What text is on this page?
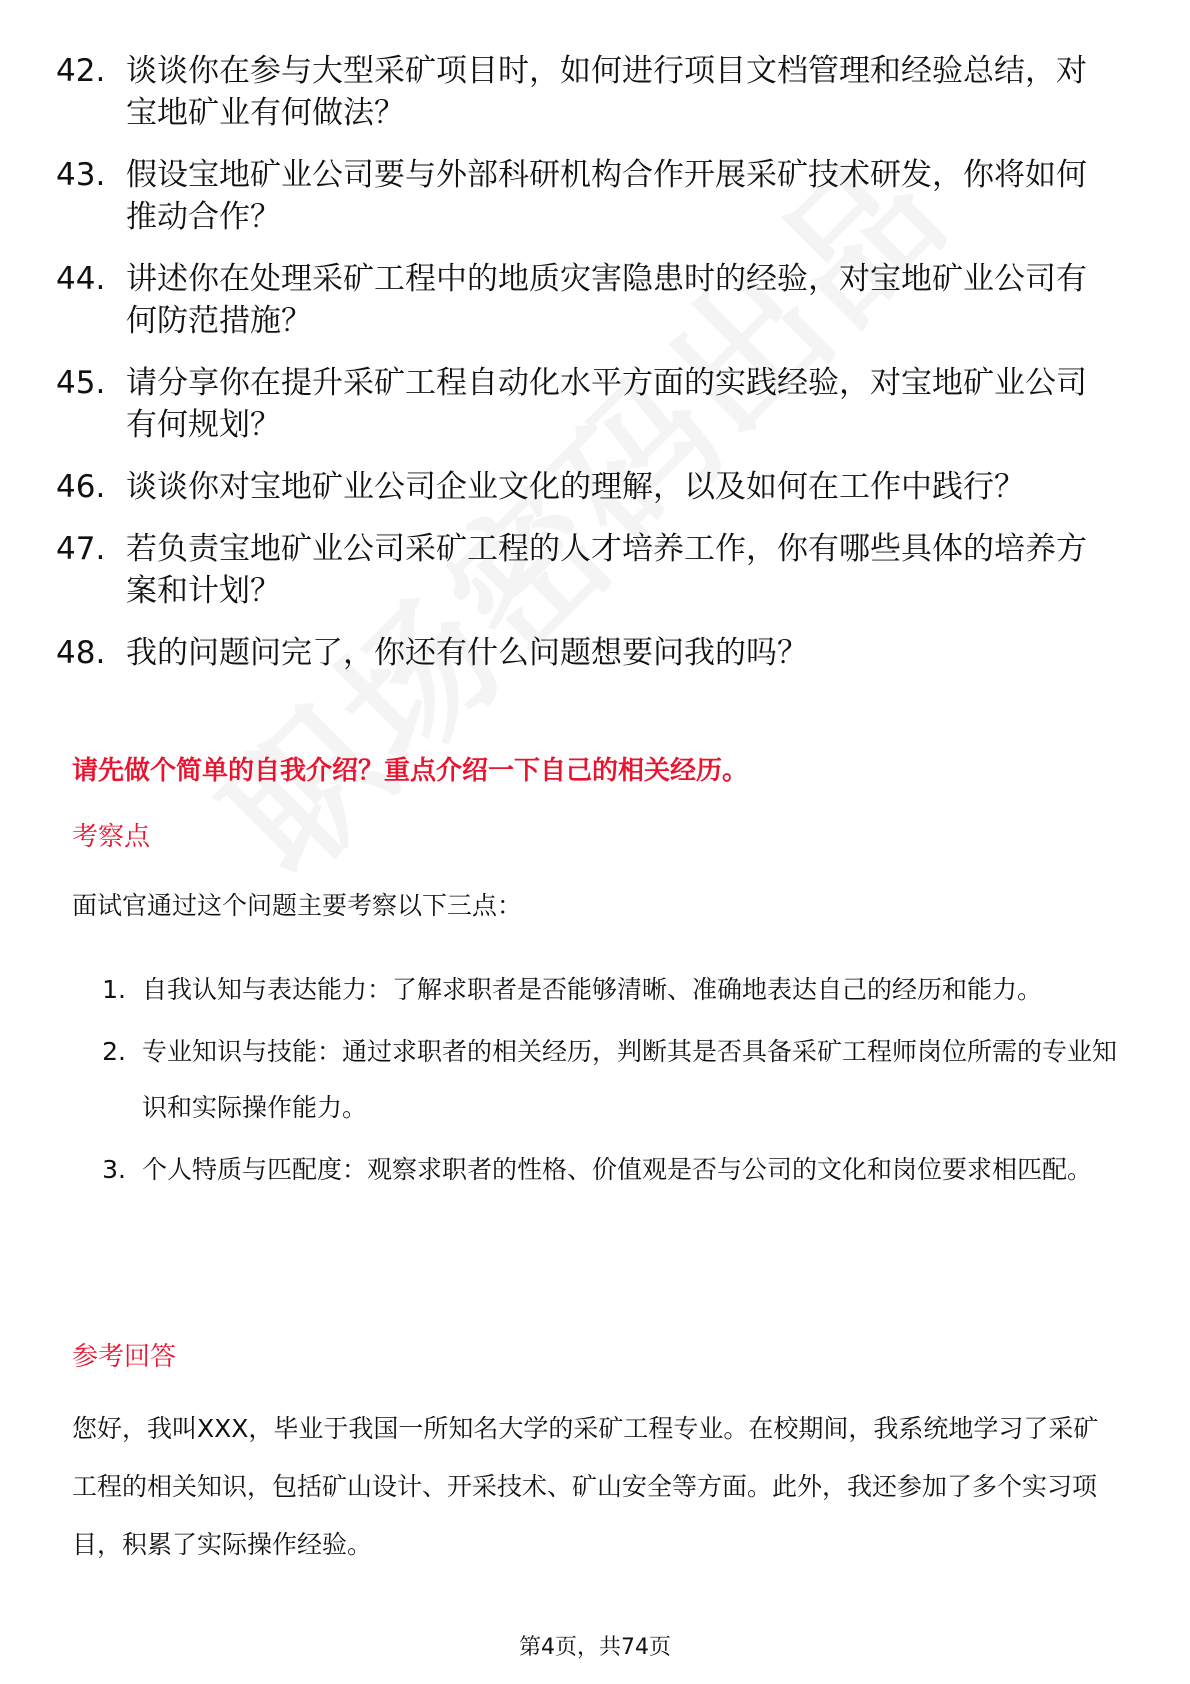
42. 谈谈你在参与大型采矿项目时，如何进行项目文档管理和经验总结，对宝地矿业有何做法？
43. 假设宝地矿业公司要与外部科研机构合作开展采矿技术研发，你将如何推动合作？
44. 讲述你在处理采矿工程中的地质灾害隐患时的经验，对宝地矿业公司有何防范措施？
45. 请分享你在提升采矿工程自动化水平方面的实践经验，对宝地矿业公司有何规划？
46. 谈谈你对宝地矿业公司企业文化的理解，以及如何在工作中践行？
47. 若负责宝地矿业公司采矿工程的人才培养工作，你有哪些具体的培养方案和计划？
48. 我的问题问完了，你还有什么问题想要问我的吗？
请先做个简单的自我介绍？重点介绍一下自己的相关经历。
考察点
面试官通过这个问题主要考察以下三点：
1. 自我认知与表达能力：了解求职者是否能够清晰、准确地表达自己的经历和能力。
2. 专业知识与技能：通过求职者的相关经历，判断其是否具备采矿工程师岗位所需的专业知识和实际操作能力。
3. 个人特质与匹配度：观察求职者的性格、价值观是否与公司的文化和岗位要求相匹配。
参考回答
您好，我叫XXX，毕业于我国一所知名大学的采矿工程专业。在校期间，我系统地学习了采矿工程的相关知识，包括矿山设计、开采技术、矿山安全等方面。此外，我还参加了多个实习项目，积累了实际操作经验。
第4页，共74页
